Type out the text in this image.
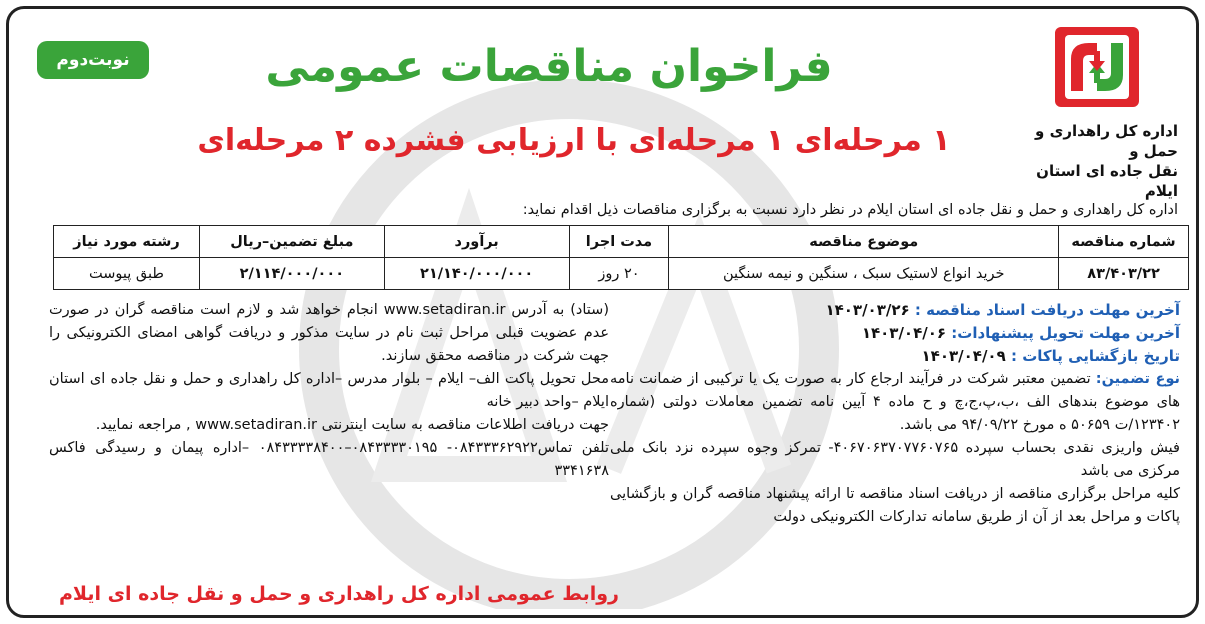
اداره کل راهداری و حمل و
نقل جاده ای استان ایلام
نوبت‌دوم	فراخوان مناقصات عمومی
۱ مرحله‌ای ۱ مرحله‌ای با ارزیابی فشرده ۲ مرحله‌ای
اداره کل راهداری و حمل و نقل جاده ای استان ایلام در نظر دارد نسبت به برگزاری مناقصات ذیل اقدام نماید:
شماره مناقصه	موضوع مناقصه	مدت اجرا	برآورد	مبلغ تضمین–ریال	رشته مورد نیاز
۸۳/۴۰۳/۲۲	خرید انواع لاستیک سبک ، سنگین و نیمه سنگین	۲۰ روز	۲۱/۱۴۰/۰۰۰/۰۰۰	۲/۱۱۴/۰۰۰/۰۰۰	طبق پیوست
آخرین مهلت دریافت اسناد مناقصه : ۱۴۰۳/۰۳/۲۶
آخرین مهلت تحویل پیشنهادات: ۱۴۰۳/۰۴/۰۶
تاریخ بازگشایی پاکات : ۱۴۰۳/۰۴/۰۹

نوع تضمین: تضمین معتبر شرکت در فرآیند ارجاع کار به صورت یک یا ترکیبی از ضمانت نامه های موضوع بندهای الف ،ب،پ،ج،چ و ح ماده ۴ آیین نامه تضمین معاملات دولتی (شماره ۱۲۳۴۰۲/ت ۵۰۶۵۹ ه مورخ ۹۴/۰۹/۲۲ می باشد.

فیش واریزی نقدی بحساب سپرده ۴۰۶۷۰۶۳۷۰۷۷۶۰۷۶۵- تمرکز وجوه سپرده نزد بانک ملی مرکزی می باشد

کلیه مراحل برگزاری مناقصه از دریافت اسناد مناقصه تا ارائه پیشنهاد مناقصه گران و بازگشایی پاکات و مراحل بعد از آن از طریق سامانه تدارکات الکترونیکی دولت

(ستاد) به آدرس www.setadiran.ir انجام خواهد شد و لازم است مناقصه گران در صورت عدم عضویت قبلی مراحل ثبت نام در سایت مذکور و دریافت گواهی امضای الکترونیکی را جهت شرکت در مناقصه محقق سازند.

محل تحویل پاکت الف– ایلام – بلوار مدرس –اداره کل راهداری و حمل و نقل جاده ای استان ایلام –واحد دبیر خانه

جهت دریافت اطلاعات مناقصه به سایت اینترنتی www.setadiran.ir , مراجعه نمایید.

تلفن تماس۰۸۴۳۳۳۶۲۹۲۲- ۰۸۴۳۳۳۳۰۱۹۵–۰۸۴۳۳۳۳۸۴۰۰ –اداره پیمان و رسیدگی فاکس ۳۳۴۱۶۳۸

روابط عمومی اداره کل راهداری و حمل و نقل جاده ای ایلام
